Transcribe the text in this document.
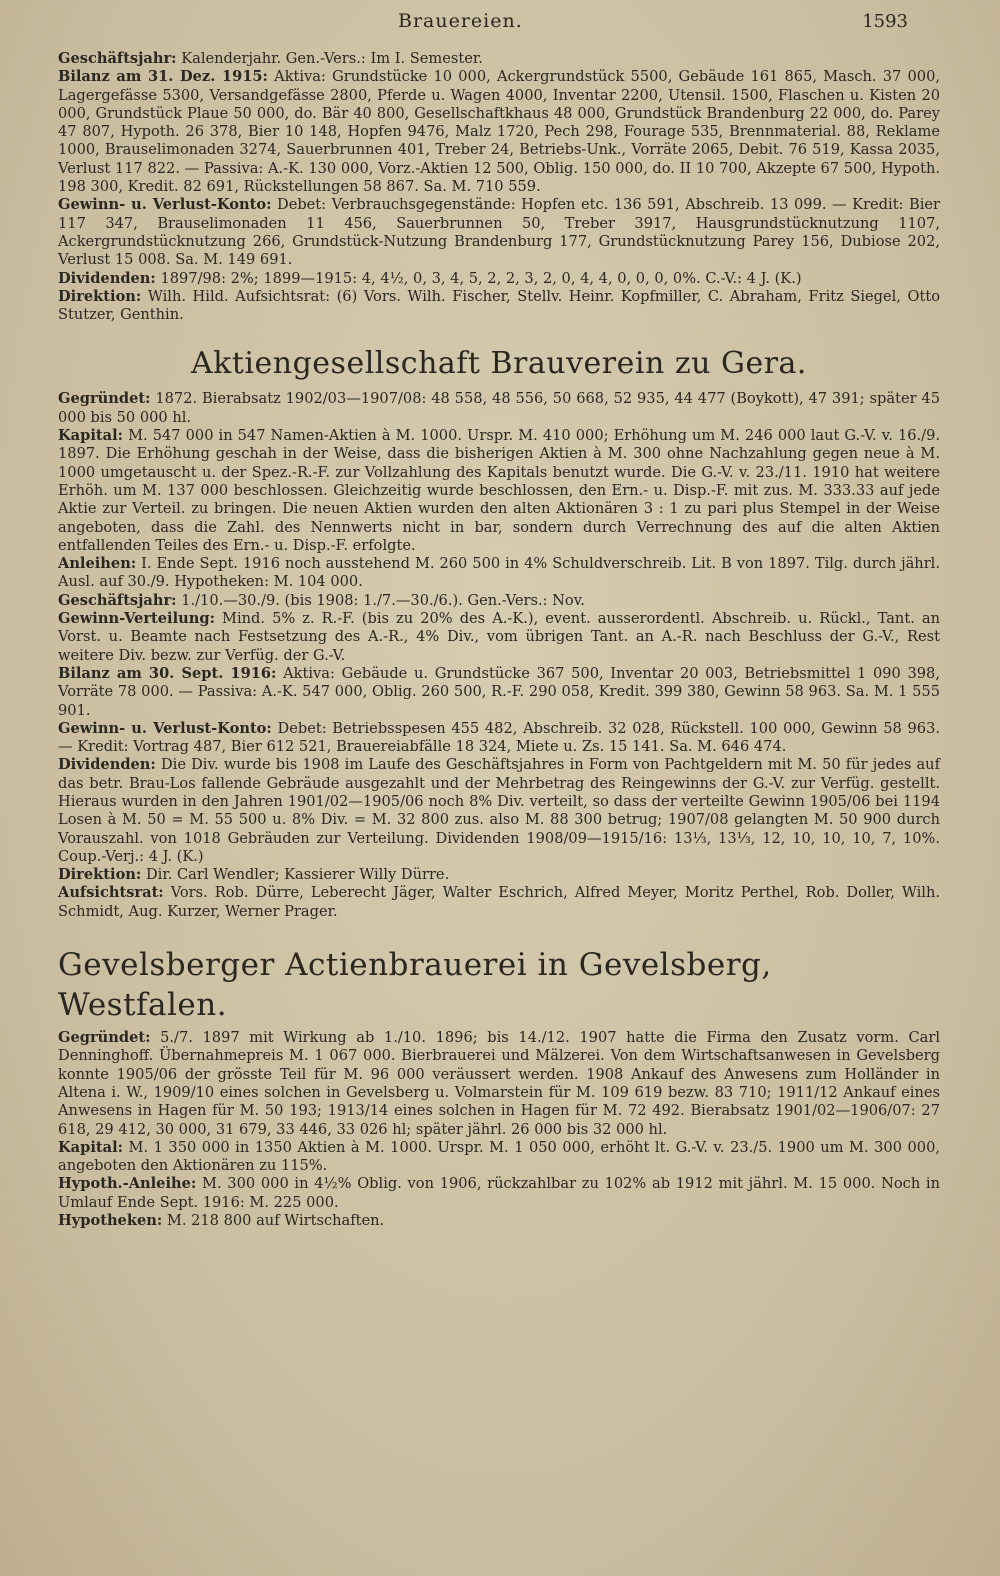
Brauereien.	1593

Geschäftsjahr: Kalenderjahr. Gen.-Vers.: Im I. Semester.

Bilanz am 31. Dez. 1915: Aktiva: Grundstücke 10 000, Ackergrundstück 5500, Gebäude 161 865, Masch. 37 000, Lagergefässe 5300, Versandgefässe 2800, Pferde u. Wagen 4000, Inventar 2200, Utensil. 1500, Flaschen u. Kisten 20 000, Grundstück Plaue 50 000, do. Bär 40 800, Gesellschaftkhaus 48 000, Grundstück Brandenburg 22 000, do. Parey 47 807, Hypoth. 26 378, Bier 10 148, Hopfen 9476, Malz 1720, Pech 298, Fourage 535, Brennmaterial. 88, Reklame 1000, Brauselimonaden 3274, Sauerbrunnen 401, Treber 24, Betriebs-Unk., Vorräte 2065, Debit. 76 519, Kassa 2035, Verlust 117 822. — Passiva: A.-K. 130 000, Vorz.-Aktien 12 500, Oblig. 150 000, do. II 10 700, Akzepte 67 500, Hypoth. 198 300, Kredit. 82 691, Rückstellungen 58 867. Sa. M. 710 559.

Gewinn- u. Verlust-Konto: Debet: Verbrauchsgegenstände: Hopfen etc. 136 591, Abschreib. 13 099. — Kredit: Bier 117 347, Brauselimonaden 11 456, Sauerbrunnen 50, Treber 3917, Hausgrundstücknutzung 1107, Ackergrundstücknutzung 266, Grundstück-Nutzung Brandenburg 177, Grundstücknutzung Parey 156, Dubiose 202, Verlust 15 008. Sa. M. 149 691.

Dividenden: 1897/98: 2%; 1899—1915: 4, 4½, 0, 3, 4, 5, 2, 2, 3, 2, 0, 4, 4, 0, 0, 0, 0%. C.-V.: 4 J. (K.)

Direktion: Wilh. Hild. Aufsichtsrat: (6) Vors. Wilh. Fischer, Stellv. Heinr. Kopfmiller, C. Abraham, Fritz Siegel, Otto Stutzer, Genthin.

Aktiengesellschaft Brauverein zu Gera.

Gegründet: 1872. Bierabsatz 1902/03—1907/08: 48 558, 48 556, 50 668, 52 935, 44 477 (Boykott), 47 391; später 45 000 bis 50 000 hl.

Kapital: M. 547 000 in 547 Namen-Aktien à M. 1000. Urspr. M. 410 000; Erhöhung um M. 246 000 laut G.-V. v. 16./9. 1897. Die Erhöhung geschah in der Weise, dass die bisherigen Aktien à M. 300 ohne Nachzahlung gegen neue à M. 1000 umgetauscht u. der Spez.-R.-F. zur Vollzahlung des Kapitals benutzt wurde. Die G.-V. v. 23./11. 1910 hat weitere Erhöh. um M. 137 000 beschlossen. Gleichzeitig wurde beschlossen, den Ern.- u. Disp.-F. mit zus. M. 333.33 auf jede Aktie zur Verteil. zu bringen. Die neuen Aktien wurden den alten Aktionären 3 : 1 zu pari plus Stempel in der Weise angeboten, dass die Zahl. des Nennwerts nicht in bar, sondern durch Verrechnung des auf die alten Aktien entfallenden Teiles des Ern.- u. Disp.-F. erfolgte.

Anleihen: I. Ende Sept. 1916 noch ausstehend M. 260 500 in 4% Schuldverschreib. Lit. B von 1897. Tilg. durch jährl. Ausl. auf 30./9. Hypotheken: M. 104 000.

Geschäftsjahr: 1./10.—30./9. (bis 1908: 1./7.—30./6.). Gen.-Vers.: Nov.

Gewinn-Verteilung: Mind. 5% z. R.-F. (bis zu 20% des A.-K.), event. ausserordentl. Abschreib. u. Rückl., Tant. an Vorst. u. Beamte nach Festsetzung des A.-R., 4% Div., vom übrigen Tant. an A.-R. nach Beschluss der G.-V., Rest weitere Div. bezw. zur Verfüg. der G.-V.

Bilanz am 30. Sept. 1916: Aktiva: Gebäude u. Grundstücke 367 500, Inventar 20 003, Betriebsmittel 1 090 398, Vorräte 78 000. — Passiva: A.-K. 547 000, Oblig. 260 500, R.-F. 290 058, Kredit. 399 380, Gewinn 58 963. Sa. M. 1 555 901.

Gewinn- u. Verlust-Konto: Debet: Betriebsspesen 455 482, Abschreib. 32 028, Rückstell. 100 000, Gewinn 58 963. — Kredit: Vortrag 487, Bier 612 521, Brauereiabfälle 18 324, Miete u. Zs. 15 141. Sa. M. 646 474.

Dividenden: Die Div. wurde bis 1908 im Laufe des Geschäftsjahres in Form von Pachtgeldern mit M. 50 für jedes auf das betr. Brau-Los fallende Gebräude ausgezahlt und der Mehrbetrag des Reingewinns der G.-V. zur Verfüg. gestellt. Hieraus wurden in den Jahren 1901/02—1905/06 noch 8% Div. verteilt, so dass der verteilte Gewinn 1905/06 bei 1194 Losen à M. 50 = M. 55 500 u. 8% Div. = M. 32 800 zus. also M. 88 300 betrug; 1907/08 gelangten M. 50 900 durch Vorauszahl. von 1018 Gebräuden zur Verteilung. Dividenden 1908/09—1915/16: 13⅓, 13⅓, 12, 10, 10, 10, 7, 10%. Coup.-Verj.: 4 J. (K.)

Direktion: Dir. Carl Wendler; Kassierer Willy Dürre.

Aufsichtsrat: Vors. Rob. Dürre, Leberecht Jäger, Walter Eschrich, Alfred Meyer, Moritz Perthel, Rob. Doller, Wilh. Schmidt, Aug. Kurzer, Werner Prager.

Gevelsberger Actienbrauerei in Gevelsberg, Westfalen.

Gegründet: 5./7. 1897 mit Wirkung ab 1./10. 1896; bis 14./12. 1907 hatte die Firma den Zusatz vorm. Carl Denninghoff. Übernahmepreis M. 1 067 000. Bierbrauerei und Mälzerei. Von dem Wirtschaftsanwesen in Gevelsberg konnte 1905/06 der grösste Teil für M. 96 000 veräussert werden. 1908 Ankauf des Anwesens zum Holländer in Altena i. W., 1909/10 eines solchen in Gevelsberg u. Volmarstein für M. 109 619 bezw. 83 710; 1911/12 Ankauf eines Anwesens in Hagen für M. 50 193; 1913/14 eines solchen in Hagen für M. 72 492. Bierabsatz 1901/02—1906/07: 27 618, 29 412, 30 000, 31 679, 33 446, 33 026 hl; später jährl. 26 000 bis 32 000 hl.

Kapital: M. 1 350 000 in 1350 Aktien à M. 1000. Urspr. M. 1 050 000, erhöht lt. G.-V. v. 23./5. 1900 um M. 300 000, angeboten den Aktionären zu 115%.

Hypoth.-Anleihe: M. 300 000 in 4½% Oblig. von 1906, rückzahlbar zu 102% ab 1912 mit jährl. M. 15 000. Noch in Umlauf Ende Sept. 1916: M. 225 000.

Hypotheken: M. 218 800 auf Wirtschaften.
